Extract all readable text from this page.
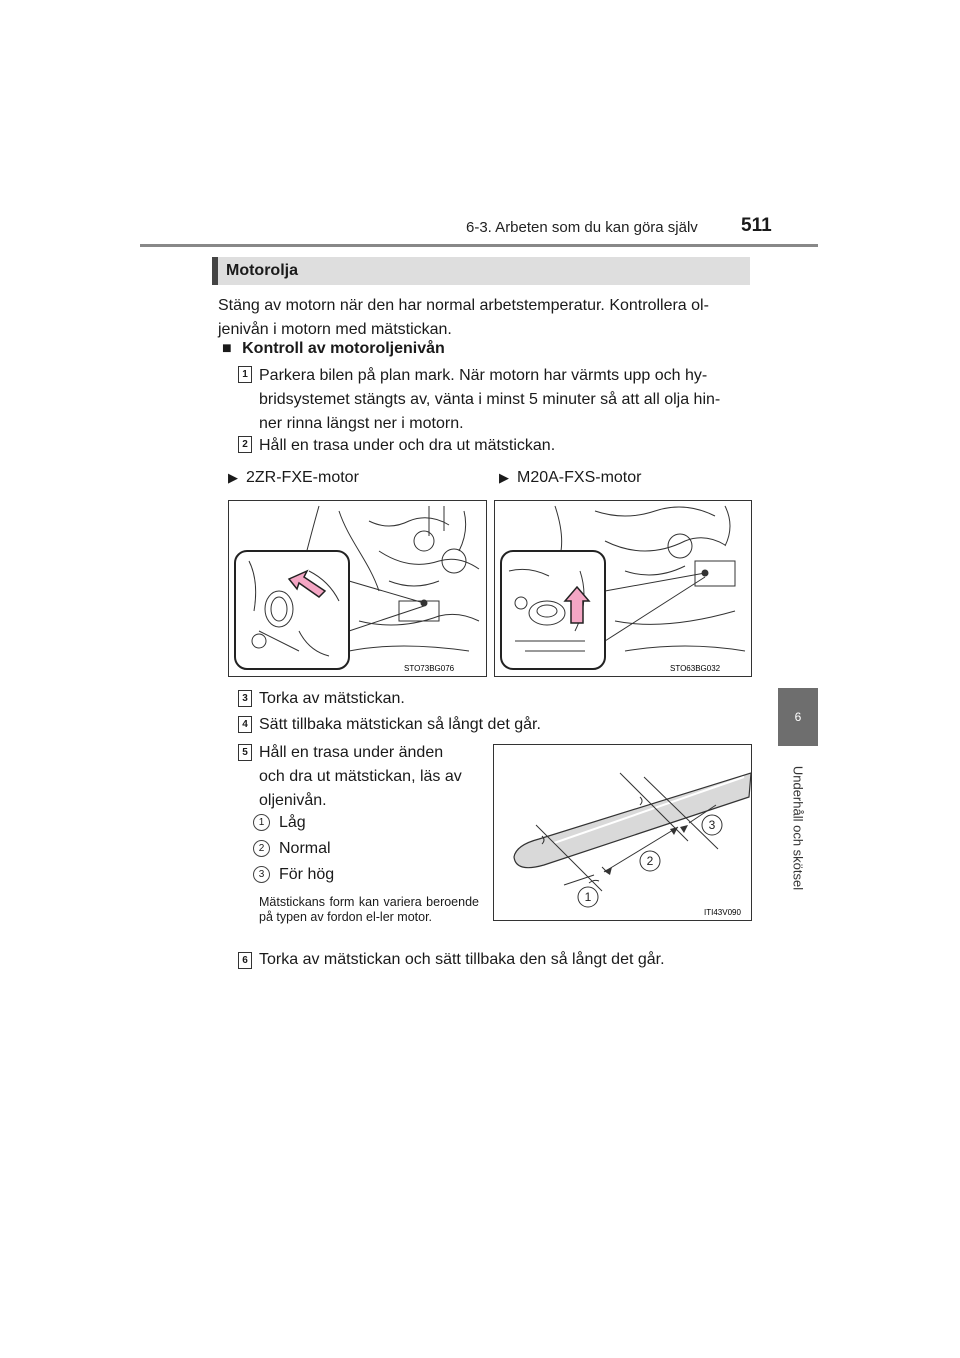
6-3. Arbeten som du kan göra själv 511
6
Underhåll och skötsel
Motorolja
Stäng av motorn när den har normal arbetstemperatur. Kontrollera ol-
jenivån i motorn med mätstickan.
■ Kontroll av motoroljenivån
1 Parkera bilen på plan mark. När motorn har värmts upp och hy-
bridsystemet stängts av, vänta i minst 5 minuter så att all olja hin-
ner rinna längst ner i motorn.
2 Håll en trasa under och dra ut mätstickan.
▶ 2ZR-FXE-motor	▶ M20A-FXS-motor
STO73BG076	STO63BG032
3 Torka av mätstickan.
4 Sätt tillbaka mätstickan så långt det går.
5 Håll en trasa under änden
och dra ut mätstickan, läs av
oljenivån.
1 Låg
2 Normal
3 För hög
Mätstickans form kan variera beroende på typen av fordon el-ler motor.
1
2
3
ITI43V090
6 Torka av mätstickan och sätt tillbaka den så långt det går.
